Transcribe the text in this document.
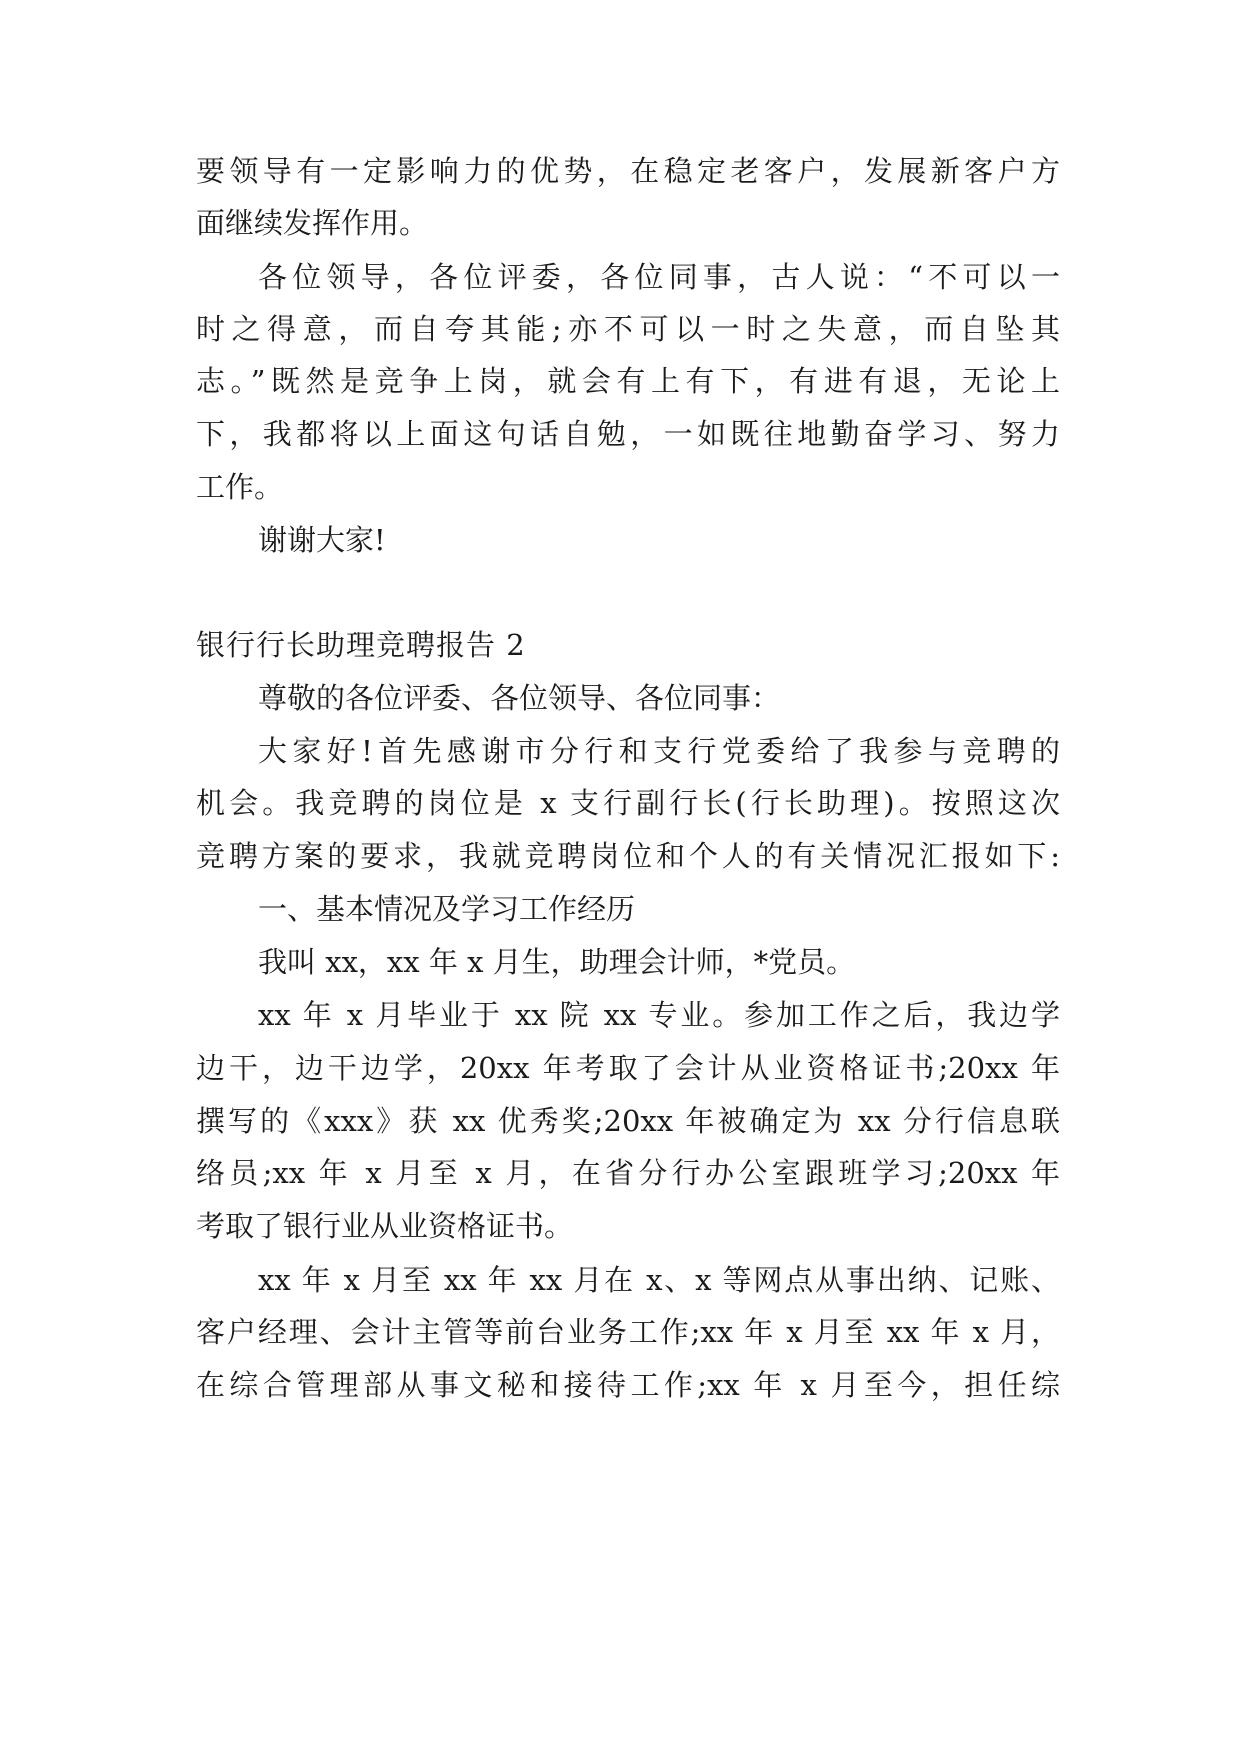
要领导有一定影响力的优势，在稳定老客户，发展新客户方
面继续发挥作用。
各位领导，各位评委，各位同事，古人说：“不可以一
时之得意，而自夸其能;亦不可以一时之失意，而自坠其
志。”既然是竞争上岗，就会有上有下，有进有退，无论上
下，我都将以上面这句话自勉，一如既往地勤奋学习、努力
工作。
谢谢大家!
银行行长助理竞聘报告 2
尊敬的各位评委、各位领导、各位同事：
大家好!首先感谢市分行和支行党委给了我参与竞聘的
机会。我竞聘的岗位是 x 支行副行长(行长助理)。按照这次
竞聘方案的要求，我就竞聘岗位和个人的有关情况汇报如下:
一、基本情况及学习工作经历
我叫 xx，xx 年 x 月生，助理会计师，*党员。
xx 年 x 月毕业于 xx 院 xx 专业。参加工作之后，我边学
边干，边干边学，20xx 年考取了会计从业资格证书;20xx 年
撰写的《xxx》获 xx 优秀奖;20xx 年被确定为 xx 分行信息联
络员;xx 年 x 月至 x 月，在省分行办公室跟班学习;20xx 年
考取了银行业从业资格证书。
xx 年 x 月至 xx 年 xx 月在 x、x 等网点从事出纳、记账、
客户经理、会计主管等前台业务工作;xx 年 x 月至 xx 年 x 月，
在综合管理部从事文秘和接待工作;xx 年 x 月至今，担任综
